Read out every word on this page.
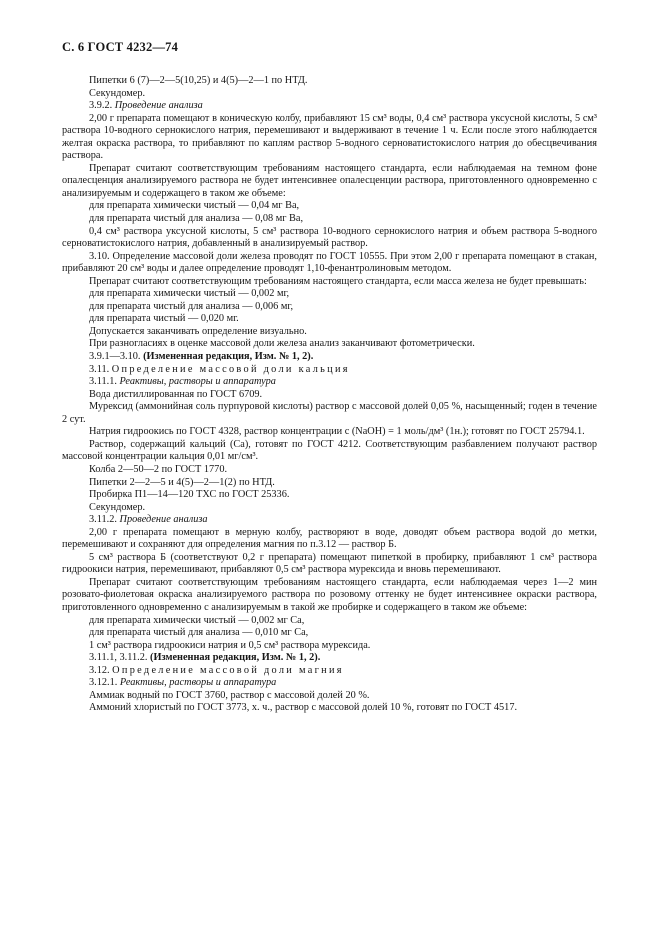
С. 6 ГОСТ 4232—74

Пипетки 6 (7)—2—5(10,25) и 4(5)—2—1 по НТД.

Секундомер.

3.9.2. Проведение анализа

2,00 г препарата помещают в коническую колбу, прибавляют 15 см³ воды, 0,4 см³ раствора уксусной кислоты, 5 см³ раствора 10-водного сернокислого натрия, перемешивают и выдерживают в течение 1 ч. Если после этого наблюдается желтая окраска раствора, то прибавляют по каплям раствор 5-водного серноватистокислого натрия до обесцвечивания раствора.

Препарат считают соответствующим требованиям настоящего стандарта, если наблюдаемая на темном фоне опалесценция анализируемого раствора не будет интенсивнее опалесценции раствора, приготовленного одновременно с анализируемым и содержащего в таком же объеме:

для препарата химически чистый — 0,04 мг Ва,

для препарата чистый для анализа — 0,08 мг Ва,

0,4 см³ раствора уксусной кислоты, 5 см³ раствора 10-водного сернокислого натрия и объем раствора 5-водного серноватистокислого натрия, добавленный в анализируемый раствор.

3.10. Определение массовой доли железа проводят по ГОСТ 10555. При этом 2,00 г препарата помещают в стакан, прибавляют 20 см³ воды и далее определение проводят 1,10-фенантролиновым методом.

Препарат считают соответствующим требованиям настоящего стандарта, если масса железа не будет превышать:

для препарата химически чистый — 0,002 мг,

для препарата чистый для анализа — 0,006 мг,

для препарата чистый — 0,020 мг.

Допускается заканчивать определение визуально.

При разногласиях в оценке массовой доли железа анализ заканчивают фотометрически.

3.9.1—3.10. (Измененная редакция, Изм. № 1, 2).

3.11. Определение массовой доли кальция

3.11.1. Реактивы, растворы и аппаратура

Вода дистиллированная по ГОСТ 6709.

Мурексид (аммонийная соль пурпуровой кислоты) раствор с массовой долей 0,05 %, насыщенный; годен в течение 2 сут.

Натрия гидроокись по ГОСТ 4328, раствор концентрации c (NaOH) = 1 моль/дм³ (1н.); готовят по ГОСТ 25794.1.

Раствор, содержащий кальций (Са), готовят по ГОСТ 4212. Соответствующим разбавлением получают раствор массовой концентрации кальция 0,01 мг/см³.

Колба 2—50—2 по ГОСТ 1770.

Пипетки 2—2—5 и 4(5)—2—1(2) по НТД.

Пробирка П1—14—120 ТХС по ГОСТ 25336.

Секундомер.

3.11.2. Проведение анализа

2,00 г препарата помещают в мерную колбу, растворяют в воде, доводят объем раствора водой до метки, перемешивают и сохраняют для определения магния по п.3.12 — раствор Б.

5 см³ раствора Б (соответствуют 0,2 г препарата) помещают пипеткой в пробирку, прибавляют 1 см³ раствора гидроокиси натрия, перемешивают, прибавляют 0,5 см³ раствора мурексида и вновь перемешивают.

Препарат считают соответствующим требованиям настоящего стандарта, если наблюдаемая через 1—2 мин розовато-фиолетовая окраска анализируемого раствора по розовому оттенку не будет интенсивнее окраски раствора, приготовленного одновременно с анализируемым в такой же пробирке и содержащего в таком же объеме:

для препарата химически чистый — 0,002 мг Са,

для препарата чистый для анализа — 0,010 мг Са,

1 см³ раствора гидроокиси натрия и 0,5 см³ раствора мурексида.

3.11.1, 3.11.2. (Измененная редакция, Изм. № 1, 2).

3.12. Определение массовой доли магния

3.12.1. Реактивы, растворы и аппаратура

Аммиак водный по ГОСТ 3760, раствор с массовой долей 20 %.

Аммоний хлористый по ГОСТ 3773, х. ч., раствор с массовой долей 10 %, готовят по ГОСТ 4517.
